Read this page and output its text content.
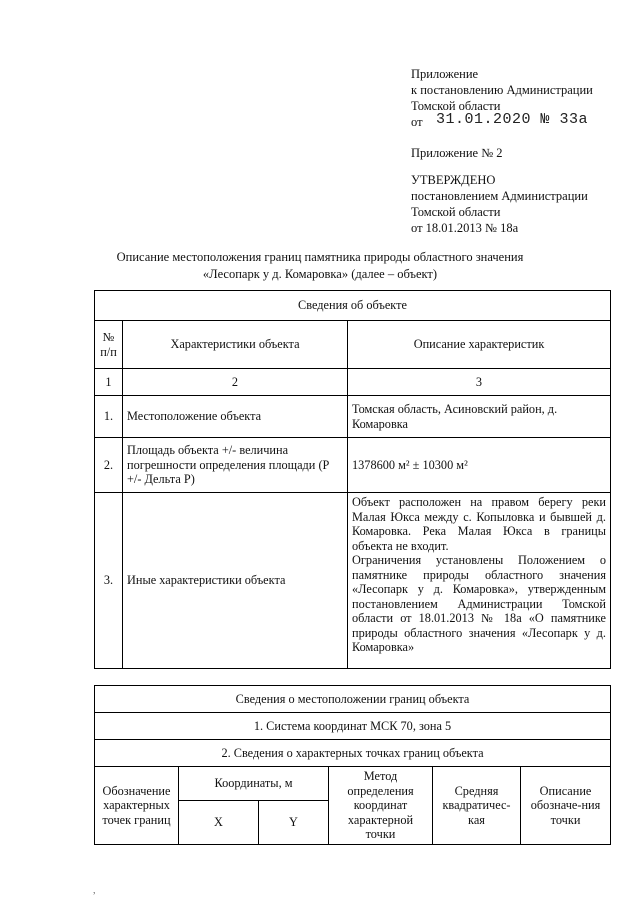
Приложение
к постановлению Администрации
Томской области
от 31.01.2020 № 33а
Приложение № 2
УТВЕРЖДЕНО
постановлением Администрации
Томской области
от 18.01.2013 № 18а
Описание местоположения границ памятника природы областного значения
«Лесопарк у д. Комаровка» (далее – объект)
Сведения об объекте		
№ п/п	Характеристики объекта	Описание характеристик
1	2	3
1.	Местоположение объекта	Томская область, Асиновский район, д. Комаровка
2.	Площадь объекта +/- величина погрешности определения площади (Р +/- Дельта Р)	1378600 м² ± 10300 м²
3.	Иные характеристики объекта	Объект расположен на правом берегу реки Малая Юкса между с. Копыловка и бывшей д. Комаровка. Река Малая Юкса в границы объекта не входит.
Ограничения установлены Положением о памятнике природы областного значения «Лесопарк у д. Комаровка», утвержденным постановлением Администрации Томской области от 18.01.2013 № 18а «О памятнике природы областного значения «Лесопарк у д. Комаровка»
Сведения о местоположении границ объекта					
1. Система координат МСК 70, зона 5					
2. Сведения о характерных точках границ объекта					
Обозначение характерных точек границ	Координаты, м		Метод определения координат характерной точки	Средняя квадратичес-кая	Описание обозначе-ния точки
	X	Y			
,
